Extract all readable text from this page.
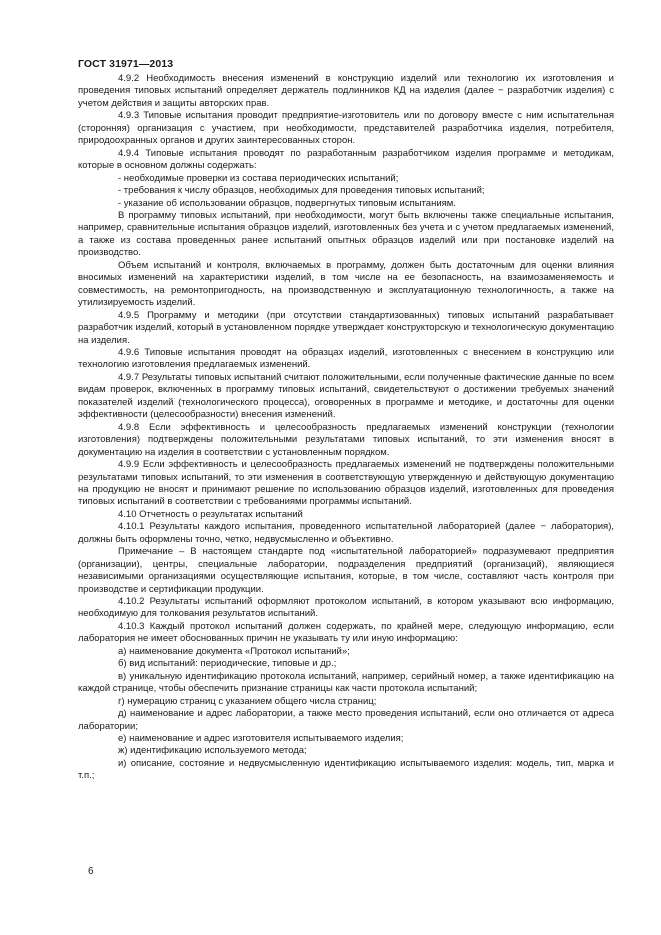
ГОСТ 31971—2013

4.9.2 Необходимость внесения изменений в конструкцию изделий или технологию их изготовления и проведения типовых испытаний определяет держатель подлинников КД на изделия (далее − разработчик изделия) с учетом действия и защиты авторских прав.

4.9.3 Типовые испытания проводит предприятие-изготовитель или по договору вместе с ним испытательная (сторонняя) организация с участием, при необходимости, представителей разработчика изделия, потребителя, природоохранных органов и других заинтересованных сторон.

4.9.4 Типовые испытания проводят по разработанным разработчиком изделия программе и методикам, которые в основном должны содержать:

- необходимые проверки из состава периодических испытаний;

- требования к числу образцов, необходимых для проведения типовых испытаний;

- указание об использовании образцов, подвергнутых типовым испытаниям.

В программу типовых испытаний, при необходимости, могут быть включены также специальные испытания, например, сравнительные испытания образцов изделий, изготовленных без учета и с учетом предлагаемых изменений, а также из состава проведенных ранее испытаний опытных образцов изделий или при постановке изделий на производство.

Объем испытаний и контроля, включаемых в программу, должен быть достаточным для оценки влияния вносимых изменений на характеристики изделий, в том числе на ее безопасность, на взаимозаменяемость и совместимость, на ремонтопригодность, на производственную и эксплуатационную технологичность, а также на утилизируемость изделий.

4.9.5 Программу и методики (при отсутствии стандартизованных) типовых испытаний разрабатывает разработчик изделий, который в установленном порядке утверждает конструкторскую и технологическую документацию на изделия.

4.9.6 Типовые испытания проводят на образцах изделий, изготовленных с внесением в конструкцию или технологию изготовления предлагаемых изменений.

4.9.7 Результаты типовых испытаний считают положительными, если полученные фактические данные по всем видам проверок, включенных в программу типовых испытаний, свидетельствуют о достижении требуемых значений показателей изделий (технологического процесса), оговоренных в программе и методике, и достаточны для оценки эффективности (целесообразности) внесения изменений.

4.9.8 Если эффективность и целесообразность предлагаемых изменений конструкции (технологии изготовления) подтверждены положительными результатами типовых испытаний, то эти изменения вносят в документацию на изделия в соответствии с установленным порядком.

4.9.9 Если эффективность и целесообразность предлагаемых изменений не подтверждены положительными результатами типовых испытаний, то эти изменения в соответствующую утвержденную и действующую документацию на продукцию не вносят и принимают решение по использованию образцов изделий, изготовленных для проведения типовых испытаний в соответствии с требованиями программы испытаний.

4.10 Отчетность о результатах испытаний

4.10.1 Результаты каждого испытания, проведенного испытательной лабораторией (далее − лаборатория), должны быть оформлены точно, четко, недвусмысленно и объективно.

Примечание – В настоящем стандарте под «испытательной лабораторией» подразумевают предприятия (организации), центры, специальные лаборатории, подразделения предприятий (организаций), являющиеся независимыми организациями осуществляющие испытания, которые, в том числе, составляют часть контроля при производстве и сертификации продукции.

4.10.2 Результаты испытаний оформляют протоколом испытаний, в котором указывают всю информацию, необходимую для толкования результатов испытаний.

4.10.3 Каждый протокол испытаний должен содержать, по крайней мере, следующую информацию, если лаборатория не имеет обоснованных причин не указывать ту или иную информацию:

а) наименование документа «Протокол испытаний»;

б) вид испытаний: периодические, типовые и др.;

в) уникальную идентификацию протокола испытаний, например, серийный номер, а также идентификацию на каждой странице, чтобы обеспечить признание страницы как части протокола испытаний;

г) нумерацию страниц с указанием общего числа страниц;

д) наименование и адрес лаборатории, а также место проведения испытаний, если оно отличается от адреса лаборатории;

е) наименование и адрес изготовителя испытываемого изделия;

ж) идентификацию используемого метода;

и) описание, состояние и недвусмысленную идентификацию испытываемого изделия: модель, тип, марка и т.п.;

6
